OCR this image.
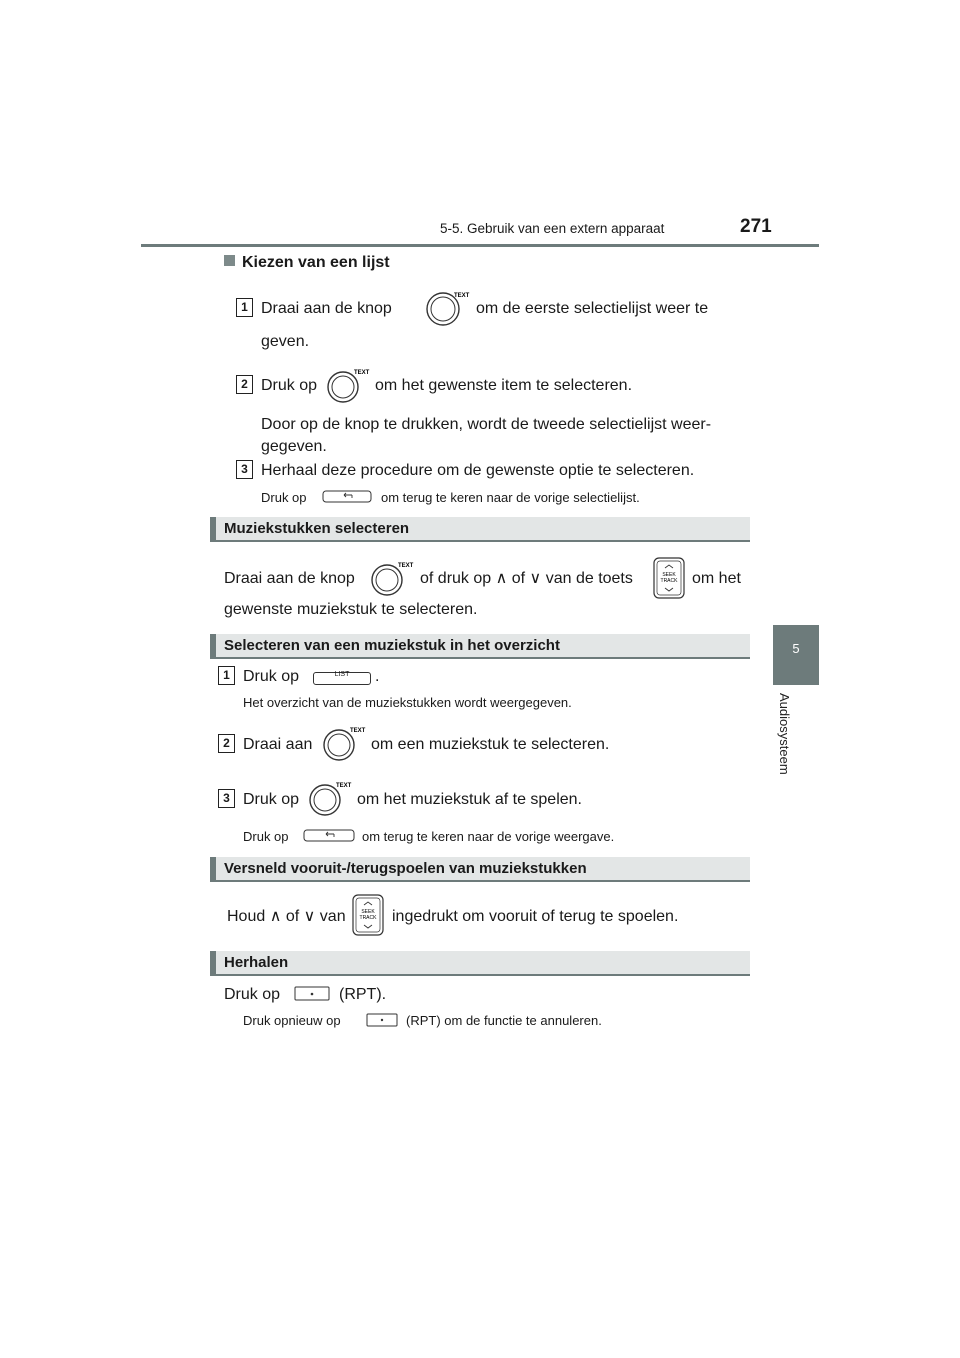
5-5. Gebruik van een extern apparaat	271
5
Audiosysteem
Kiezen van een lijst
1 Draai aan de knop
TEXT
om de eerste selectielijst weer te
geven.
2 Druk op
TEXT
om het gewenste item te selecteren.
Door op de knop te drukken, wordt de tweede selectielijst weer-
gegeven.
3 Herhaal deze procedure om de gewenste optie te selecteren.
Druk op	om terug te keren naar de vorige selectielijst.
Muziekstukken selecteren
Draai aan de knop
TEXT
of druk op ∧ of ∨ van de toets	SEEK
TRACK om het
gewenste muziekstuk te selecteren.
Selecteren van een muziekstuk in het overzicht
1 Druk op	LIST	.
Het overzicht van de muziekstukken wordt weergegeven.
2 Draai aan
TEXT
om een muziekstuk te selecteren.
3 Druk op
TEXT
om het muziekstuk af te spelen.
Druk op	om terug te keren naar de vorige weergave.
Versneld vooruit-/terugspoelen van muziekstukken
Houd ∧ of ∨ van	SEEK
TRACK ingedrukt om vooruit of terug te spoelen.
Herhalen
Druk op	(RPT).
Druk opnieuw op	(RPT) om de functie te annuleren.
